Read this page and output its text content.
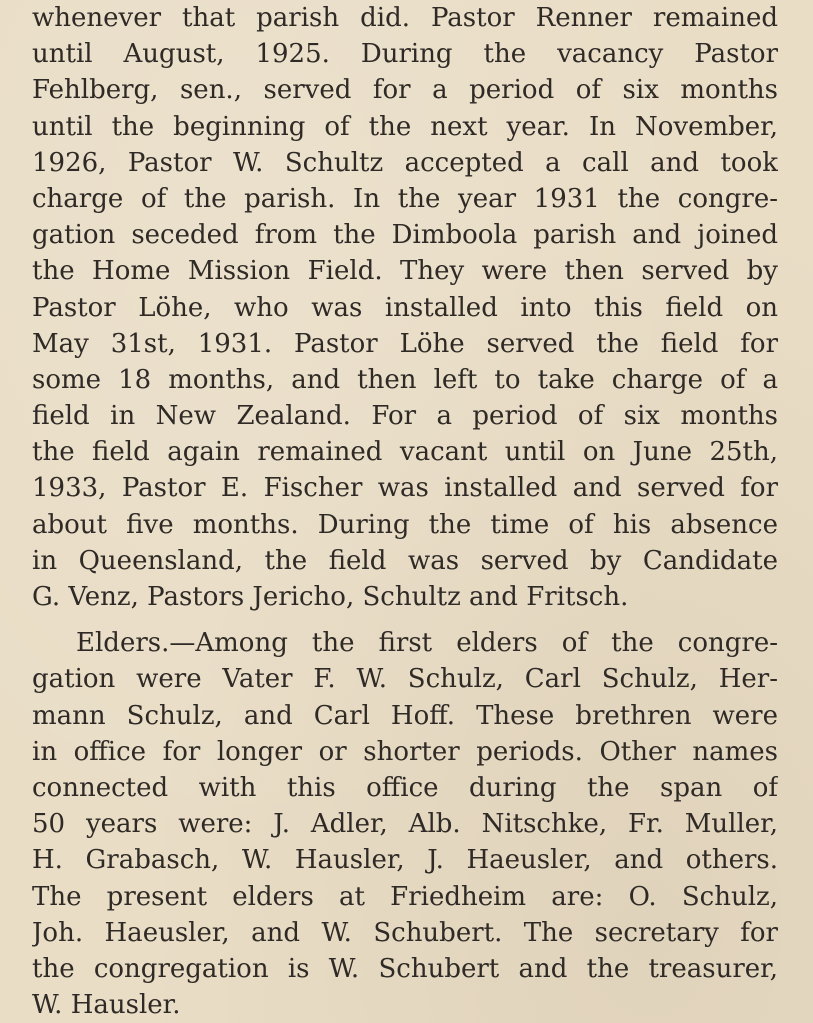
whenever that parish did. Pastor Renner remained
until August, 1925. During the vacancy Pastor
Fehlberg, sen., served for a period of six months
until the beginning of the next year. In November,
1926, Pastor W. Schultz accepted a call and took
charge of the parish. In the year 1931 the congre-
gation seceded from the Dimboola parish and joined
the Home Mission Field. They were then served by
Pastor Löhe, who was installed into this field on
May 31st, 1931. Pastor Löhe served the field for
some 18 months, and then left to take charge of a
field in New Zealand. For a period of six months
the field again remained vacant until on June 25th,
1933, Pastor E. Fischer was installed and served for
about five months. During the time of his absence
in Queensland, the field was served by Candidate
G. Venz, Pastors Jericho, Schultz and Fritsch.
Elders.—Among the first elders of the congre-
gation were Vater F. W. Schulz, Carl Schulz, Her-
mann Schulz, and Carl Hoff. These brethren were
in office for longer or shorter periods. Other names
connected with this office during the span of
50 years were: J. Adler, Alb. Nitschke, Fr. Muller,
H. Grabasch, W. Hausler, J. Haeusler, and others.
The present elders at Friedheim are: O. Schulz,
Joh. Haeusler, and W. Schubert. The secretary for
the congregation is W. Schubert and the treasurer,
W. Hausler.
